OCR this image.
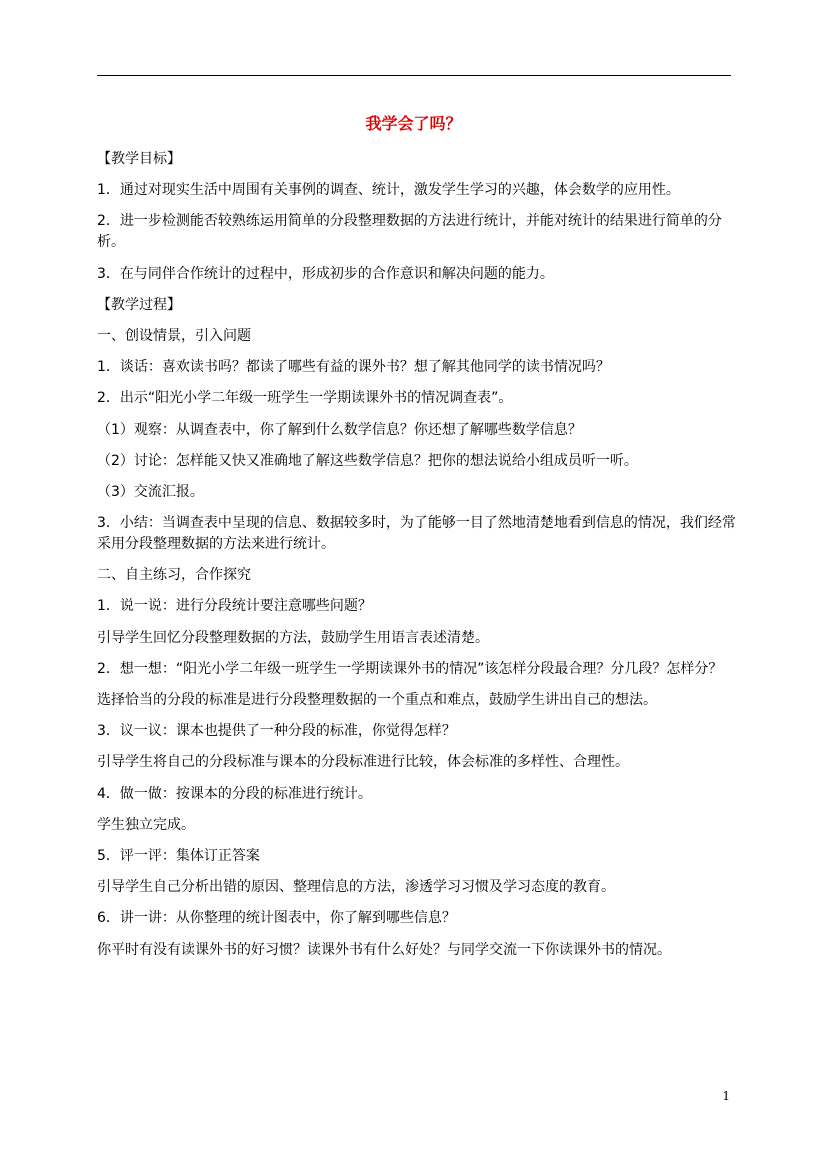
我学会了吗？

【教学目标】

1．通过对现实生活中周围有关事例的调查、统计，激发学生学习的兴趣，体会数学的应用性。

2．进一步检测能否较熟练运用简单的分段整理数据的方法进行统计，并能对统计的结果进行简单的分析。

3．在与同伴合作统计的过程中，形成初步的合作意识和解决问题的能力。

【教学过程】

一、创设情景，引入问题

1．谈话：喜欢读书吗？都读了哪些有益的课外书？想了解其他同学的读书情况吗？

2．出示“阳光小学二年级一班学生一学期读课外书的情况调查表”。

（1）观察：从调查表中，你了解到什么数学信息？你还想了解哪些数学信息？

（2）讨论：怎样能又快又准确地了解这些数学信息？把你的想法说给小组成员听一听。

（3）交流汇报。

3．小结：当调查表中呈现的信息、数据较多时，为了能够一目了然地清楚地看到信息的情况，我们经常采用分段整理数据的方法来进行统计。

二、自主练习，合作探究

1．说一说：进行分段统计要注意哪些问题？

引导学生回忆分段整理数据的方法，鼓励学生用语言表述清楚。

2．想一想：“阳光小学二年级一班学生一学期读课外书的情况”该怎样分段最合理？分几段？怎样分？

选择恰当的分段的标准是进行分段整理数据的一个重点和难点，鼓励学生讲出自己的想法。

3．议一议：课本也提供了一种分段的标准，你觉得怎样？

引导学生将自己的分段标准与课本的分段标准进行比较，体会标准的多样性、合理性。

4．做一做：按课本的分段的标准进行统计。

学生独立完成。

5．评一评：集体订正答案

引导学生自己分析出错的原因、整理信息的方法，渗透学习习惯及学习态度的教育。

6．讲一讲：从你整理的统计图表中，你了解到哪些信息？

你平时有没有读课外书的好习惯？读课外书有什么好处？与同学交流一下你读课外书的情况。

1
